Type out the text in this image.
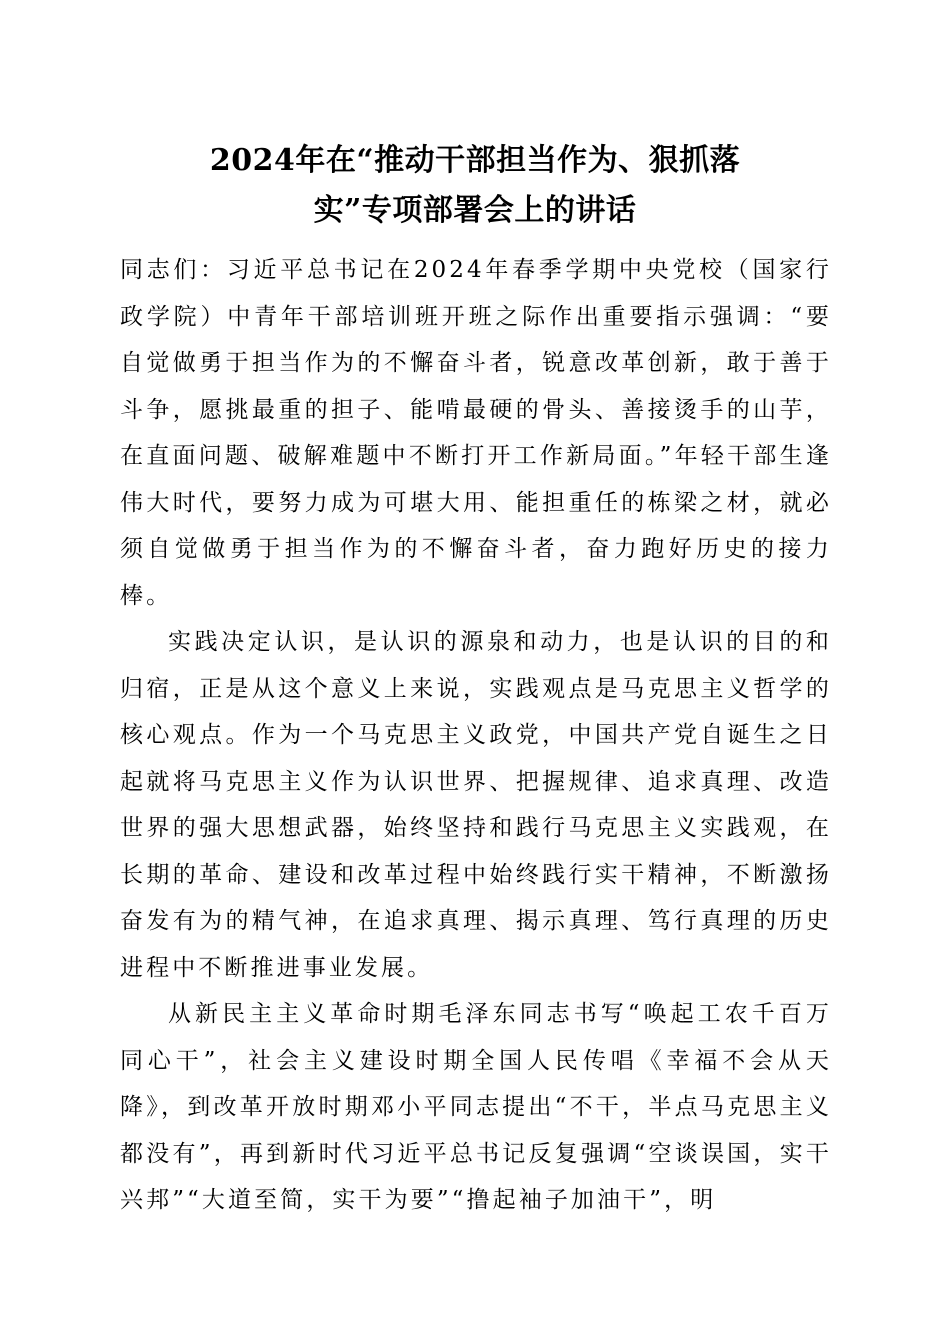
2024年在“推动干部担当作为、狠抓落
实”专项部署会上的讲话

同志们：习近平总书记在2024年春季学期中央党校（国家行政学院）中青年干部培训班开班之际作出重要指示强调：“要自觉做勇于担当作为的不懈奋斗者，锐意改革创新，敢于善于斗争，愿挑最重的担子、能啃最硬的骨头、善接烫手的山芋，在直面问题、破解难题中不断打开工作新局面。”年轻干部生逢伟大时代，要努力成为可堪大用、能担重任的栋梁之材，就必须自觉做勇于担当作为的不懈奋斗者，奋力跑好历史的接力棒。

实践决定认识，是认识的源泉和动力，也是认识的目的和归宿，正是从这个意义上来说，实践观点是马克思主义哲学的核心观点。作为一个马克思主义政党，中国共产党自诞生之日起就将马克思主义作为认识世界、把握规律、追求真理、改造世界的强大思想武器，始终坚持和践行马克思主义实践观，在长期的革命、建设和改革过程中始终践行实干精神，不断激扬奋发有为的精气神，在追求真理、揭示真理、笃行真理的历史进程中不断推进事业发展。

从新民主主义革命时期毛泽东同志书写“唤起工农千百万同心干”，社会主义建设时期全国人民传唱《幸福不会从天降》，到改革开放时期邓小平同志提出“不干，半点马克思主义都没有”，再到新时代习近平总书记反复强调“空谈误国，实干兴邦”“大道至简，实干为要”“撸起袖子加油干”，明
